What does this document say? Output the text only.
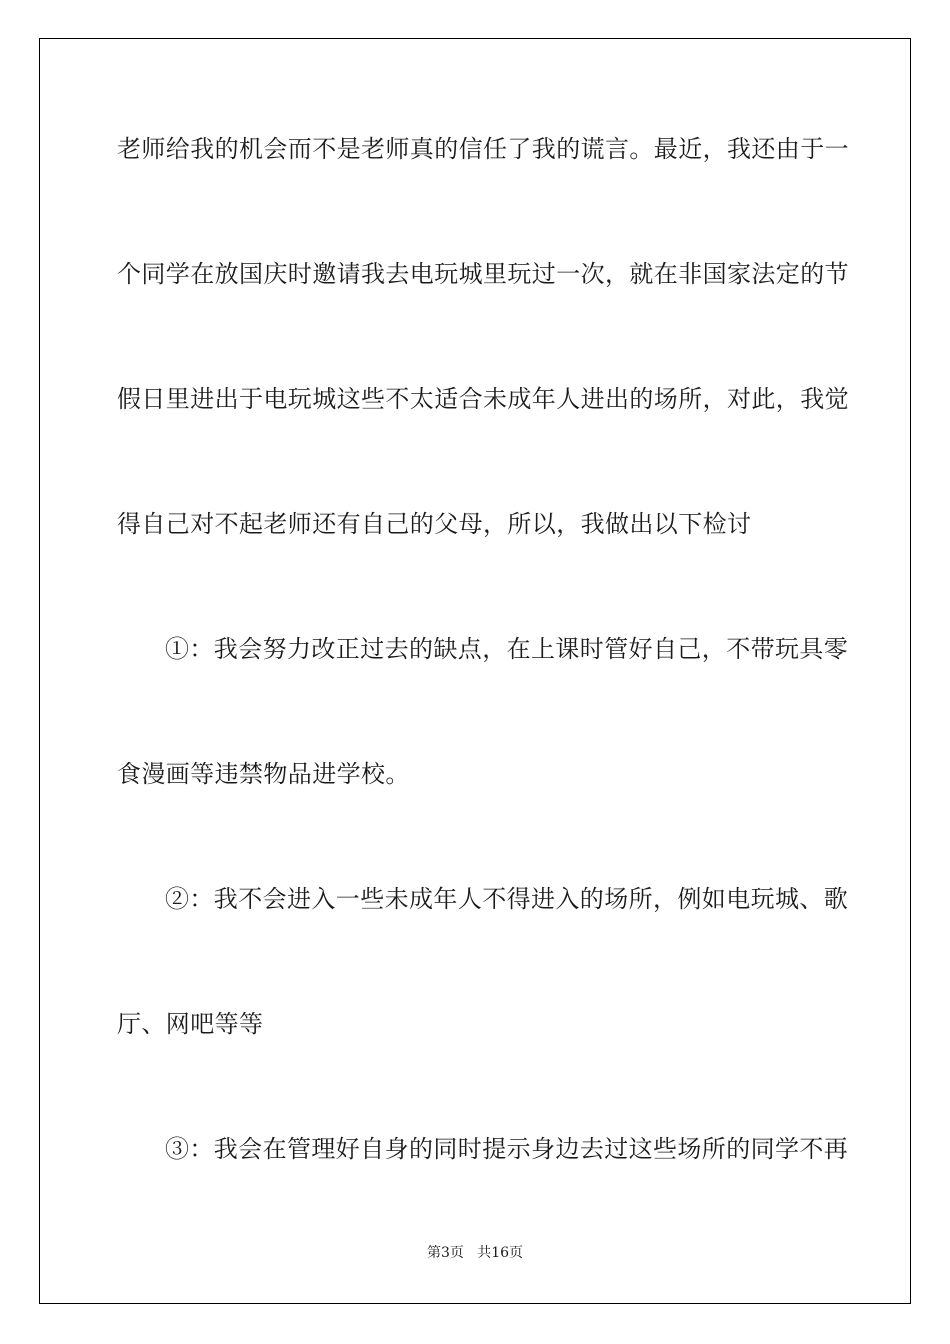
老师给我的机会而不是老师真的信任了我的谎言。最近，我还由于一
个同学在放国庆时邀请我去电玩城里玩过一次，就在非国家法定的节
假日里进出于电玩城这些不太适合未成年人进出的场所，对此，我觉
得自己对不起老师还有自己的父母，所以，我做出以下检讨
①：我会努力改正过去的缺点，在上课时管好自己，不带玩具零
食漫画等违禁物品进学校。
②：我不会进入一些未成年人不得进入的场所，例如电玩城、歌
厅、网吧等等
③：我会在管理好自身的同时提示身边去过这些场所的同学不再
第3页   共16页
